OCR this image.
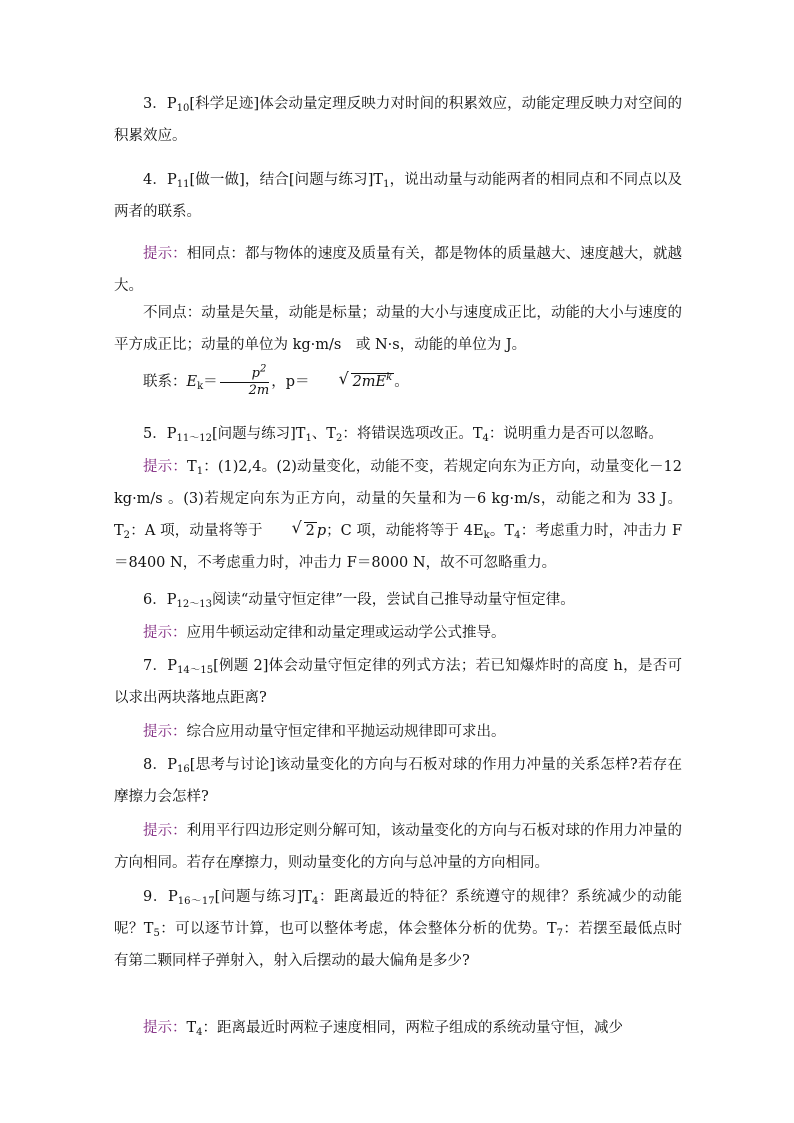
3．$P_{10}$[科学足迹]体会动量定理反映力对时间的积累效应，动能定理反映力对空间的积累效应。

4．$P_{11}$[做一做]，结合[问题与练习]$T_1$，说出动量与动能两者的相同点和不同点以及两者的联系。

提示：相同点：都与物体的速度及质量有关，都是物体的质量越大、速度越大，就越大。

不同点：动量是矢量，动能是标量；动量的大小与速度成正比，动能的大小与速度的平方成正比；动量的单位为 kg·m/s　或 N·s，动能的单位为 J。

联系：$E_k= \frac{p^2}{2m}$ ，p＝	√ $2mE^k$ 。

5．$P_{11\sim 12}$[问题与练习]$T_1$、$T_2$：将错误选项改正。$T_4$：说明重力是否可以忽略。

提示：$T_1$：(1)2,4。(2)动量变化，动能不变，若规定向东为正方向，动量变化－12 kg·m/s 。(3)若规定向东为正方向，动量的矢量和为－6 kg·m/s，动能之和为 33 J。$T_2$：A 项，动量将等于	√ 2 p；C 项，动能将等于 $4E_k$。$T_4$：考虑重力时，冲击力 F＝8400 N，不考虑重力时，冲击力 F＝8000 N，故不可忽略重力。

6．$P_{12\sim 13}$阅读“动量守恒定律”一段，尝试自己推导动量守恒定律。

提示：应用牛顿运动定律和动量定理或运动学公式推导。

7．$P_{14\sim 15}$[例题 2]体会动量守恒定律的列式方法；若已知爆炸时的高度 h，是否可以求出两块落地点距离?

提示：综合应用动量守恒定律和平抛运动规律即可求出。

8．$P_{16}$[思考与讨论]该动量变化的方向与石板对球的作用力冲量的关系怎样?若存在摩擦力会怎样?

提示：利用平行四边形定则分解可知，该动量变化的方向与石板对球的作用力冲量的方向相同。若存在摩擦力，则动量变化的方向与总冲量的方向相同。

9．$P_{16\sim 17}$[问题与练习]$T_4$：距离最近的特征？系统遵守的规律？系统减少的动能呢？$T_5$：可以逐节计算，也可以整体考虑，体会整体分析的优势。$T_7$：若摆至最低点时有第二颗同样子弹射入，射入后摆动的最大偏角是多少?

提示：$T_4$：距离最近时两粒子速度相同，两粒子组成的系统动量守恒，减少
